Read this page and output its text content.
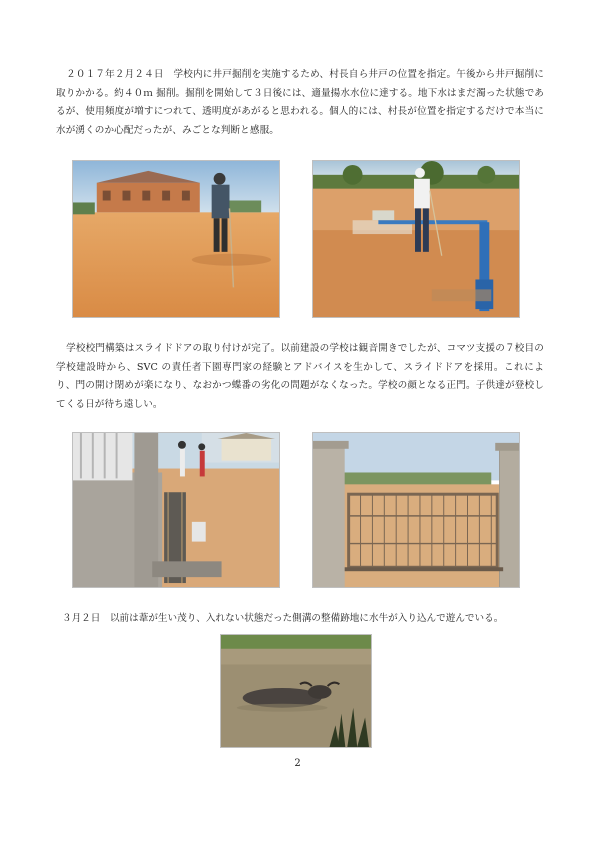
２０１７年２月２４日　学校内に井戸掘削を実施するため、村長自ら井戸の位置を指定。午後から井戸掘削に取りかかる。約４０ｍ 掘削。掘削を開始して３日後には、適量揚水水位に達する。地下水はまだ濁った状態であるが、使用頻度が増すにつれて、透明度があがると思われる。個人的には、村長が位置を指定するだけで本当に水が湧くのか心配だったが、みごとな判断と感服。

学校校門構築はスライドドアの取り付けが完了。以前建設の学校は観音開きでしたが、コマツ支援の７校目の学校建設時から、SVC の責任者下園専門家の経験とアドバイスを生かして、スライドドアを採用。これにより、門の開け閉めが楽になり、なおかつ蝶番の劣化の問題がなくなった。学校の顔となる正門。子供達が登校してくる日が待ち遠しい。

３月２日　以前は葦が生い茂り、入れない状態だった側溝の整備跡地に水牛が入り込んで遊んでいる。

2
